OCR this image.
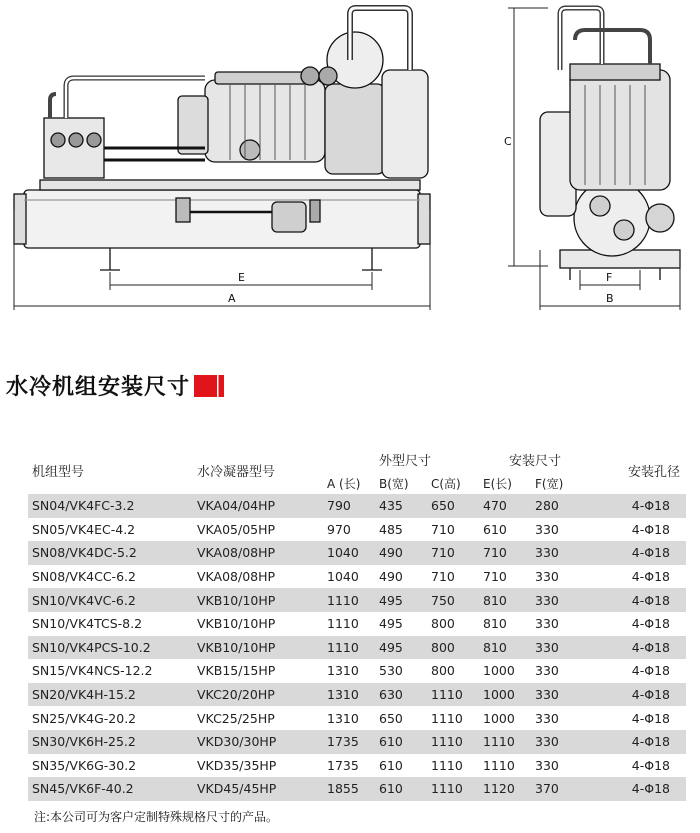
E
A
C
F
B
水冷机组安装尺寸
机组型号	水冷凝器型号	外型尺寸			安装尺寸		安装孔径
		A (长)	B(宽)	C(高)	E(长)	F(宽)	
SN04/VK4FC-3.2	VKA04/04HP	790	435	650	470	280	4-Φ18
SN05/VK4EC-4.2	VKA05/05HP	970	485	710	610	330	4-Φ18
SN08/VK4DC-5.2	VKA08/08HP	1040	490	710	710	330	4-Φ18
SN08/VK4CC-6.2	VKA08/08HP	1040	490	710	710	330	4-Φ18
SN10/VK4VC-6.2	VKB10/10HP	1110	495	750	810	330	4-Φ18
SN10/VK4TCS-8.2	VKB10/10HP	1110	495	800	810	330	4-Φ18
SN10/VK4PCS-10.2	VKB10/10HP	1110	495	800	810	330	4-Φ18
SN15/VK4NCS-12.2	VKB15/15HP	1310	530	800	1000	330	4-Φ18
SN20/VK4H-15.2	VKC20/20HP	1310	630	1110	1000	330	4-Φ18
SN25/VK4G-20.2	VKC25/25HP	1310	650	1110	1000	330	4-Φ18
SN30/VK6H-25.2	VKD30/30HP	1735	610	1110	1110	330	4-Φ18
SN35/VK6G-30.2	VKD35/35HP	1735	610	1110	1110	330	4-Φ18
SN45/VK6F-40.2	VKD45/45HP	1855	610	1110	1120	370	4-Φ18
注:本公司可为客户定制特殊规格尺寸的产品。
